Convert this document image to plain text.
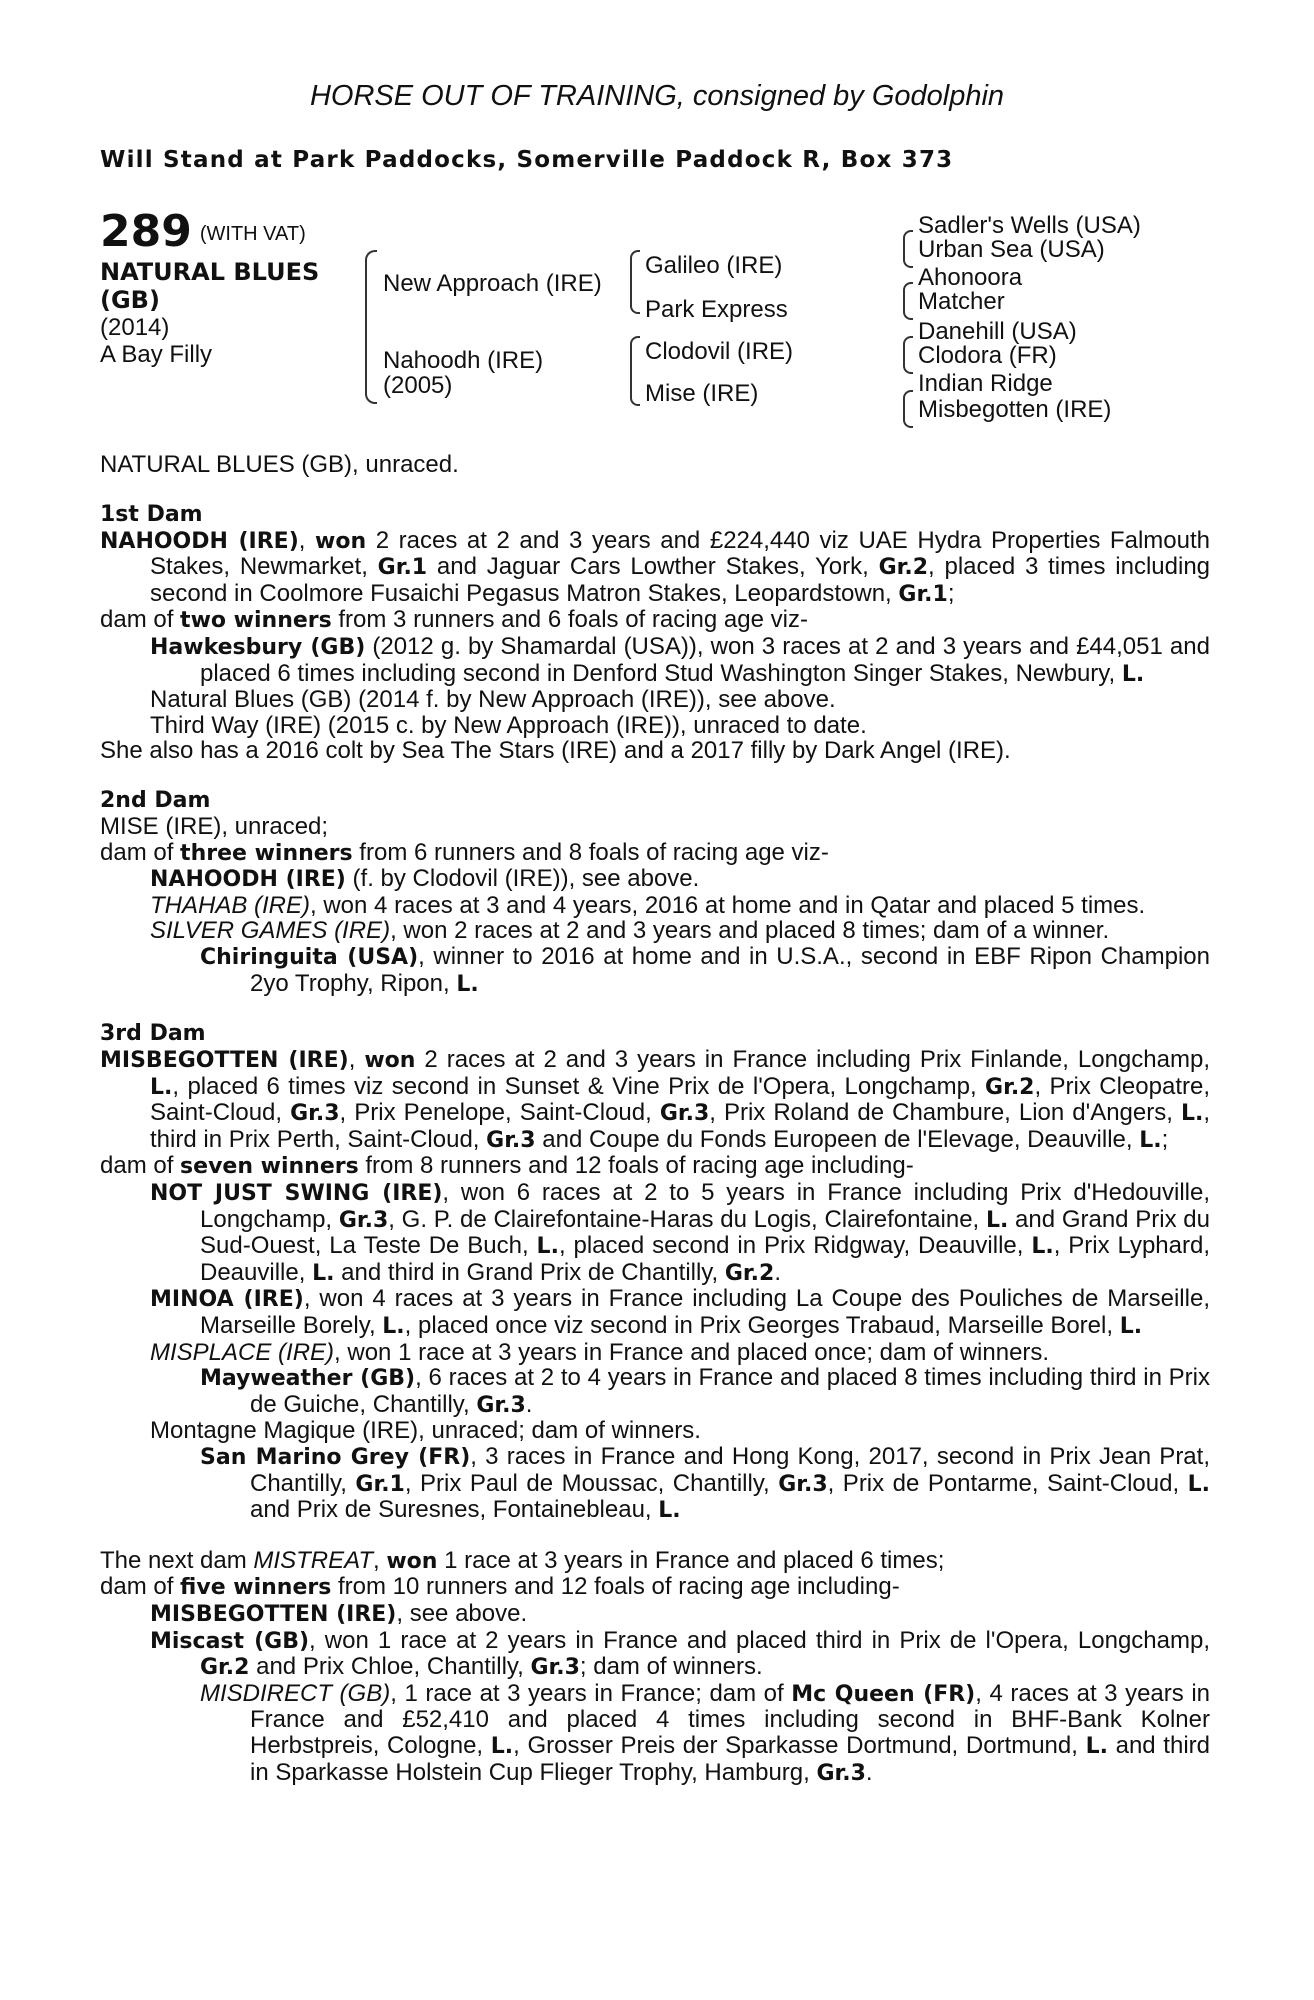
HORSE OUT OF TRAINING, consigned by Godolphin
Will Stand at Park Paddocks, Somerville Paddock R, Box 373
289 (WITH VAT)
NATURAL BLUES
(GB)
(2014)
A Bay Filly
New Approach (IRE)
Nahoodh (IRE)
(2005)
Galileo (IRE)
Park Express
Clodovil (IRE)
Mise (IRE)
Sadler's Wells (USA)
Urban Sea (USA)
Ahonoora
Matcher
Danehill (USA)
Clodora (FR)
Indian Ridge
Misbegotten (IRE)

NATURAL BLUES (GB), unraced.

1st Dam

NAHOODH (IRE), won 2 races at 2 and 3 years and £224,440 viz UAE Hydra Properties Falmouth Stakes, Newmarket, Gr.1 and Jaguar Cars Lowther Stakes, York, Gr.2, placed 3 times including second in Coolmore Fusaichi Pegasus Matron Stakes, Leopardstown, Gr.1;

dam of two winners from 3 runners and 6 foals of racing age viz-

Hawkesbury (GB) (2012 g. by Shamardal (USA)), won 3 races at 2 and 3 years and £44,051 and placed 6 times including second in Denford Stud Washington Singer Stakes, Newbury, L.

Natural Blues (GB) (2014 f. by New Approach (IRE)), see above.

Third Way (IRE) (2015 c. by New Approach (IRE)), unraced to date.

She also has a 2016 colt by Sea The Stars (IRE) and a 2017 filly by Dark Angel (IRE).

2nd Dam

MISE (IRE), unraced;

dam of three winners from 6 runners and 8 foals of racing age viz-

NAHOODH (IRE) (f. by Clodovil (IRE)), see above.

THAHAB (IRE), won 4 races at 3 and 4 years, 2016 at home and in Qatar and placed 5 times.

SILVER GAMES (IRE), won 2 races at 2 and 3 years and placed 8 times; dam of a winner.

Chiringuita (USA), winner to 2016 at home and in U.S.A., second in EBF Ripon Champion 2yo Trophy, Ripon, L.

3rd Dam

MISBEGOTTEN (IRE), won 2 races at 2 and 3 years in France including Prix Finlande, Longchamp, L., placed 6 times viz second in Sunset & Vine Prix de l'Opera, Longchamp, Gr.2, Prix Cleopatre, Saint-Cloud, Gr.3, Prix Penelope, Saint-Cloud, Gr.3, Prix Roland de Chambure, Lion d'Angers, L., third in Prix Perth, Saint-Cloud, Gr.3 and Coupe du Fonds Europeen de l'Elevage, Deauville, L.;

dam of seven winners from 8 runners and 12 foals of racing age including-

NOT JUST SWING (IRE), won 6 races at 2 to 5 years in France including Prix d'Hedouville, Longchamp, Gr.3, G. P. de Clairefontaine-Haras du Logis, Clairefontaine, L. and Grand Prix du Sud-Ouest, La Teste De Buch, L., placed second in Prix Ridgway, Deauville, L., Prix Lyphard, Deauville, L. and third in Grand Prix de Chantilly, Gr.2.

MINOA (IRE), won 4 races at 3 years in France including La Coupe des Pouliches de Marseille, Marseille Borely, L., placed once viz second in Prix Georges Trabaud, Marseille Borel, L.

MISPLACE (IRE), won 1 race at 3 years in France and placed once; dam of winners.

Mayweather (GB), 6 races at 2 to 4 years in France and placed 8 times including third in Prix de Guiche, Chantilly, Gr.3.

Montagne Magique (IRE), unraced; dam of winners.

San Marino Grey (FR), 3 races in France and Hong Kong, 2017, second in Prix Jean Prat, Chantilly, Gr.1, Prix Paul de Moussac, Chantilly, Gr.3, Prix de Pontarme, Saint-Cloud, L. and Prix de Suresnes, Fontainebleau, L.

The next dam MISTREAT, won 1 race at 3 years in France and placed 6 times;

dam of five winners from 10 runners and 12 foals of racing age including-

MISBEGOTTEN (IRE), see above.

Miscast (GB), won 1 race at 2 years in France and placed third in Prix de l'Opera, Longchamp, Gr.2 and Prix Chloe, Chantilly, Gr.3; dam of winners.

MISDIRECT (GB), 1 race at 3 years in France; dam of Mc Queen (FR), 4 races at 3 years in France and £52,410 and placed 4 times including second in BHF-Bank Kolner Herbstpreis, Cologne, L., Grosser Preis der Sparkasse Dortmund, Dortmund, L. and third in Sparkasse Holstein Cup Flieger Trophy, Hamburg, Gr.3.
